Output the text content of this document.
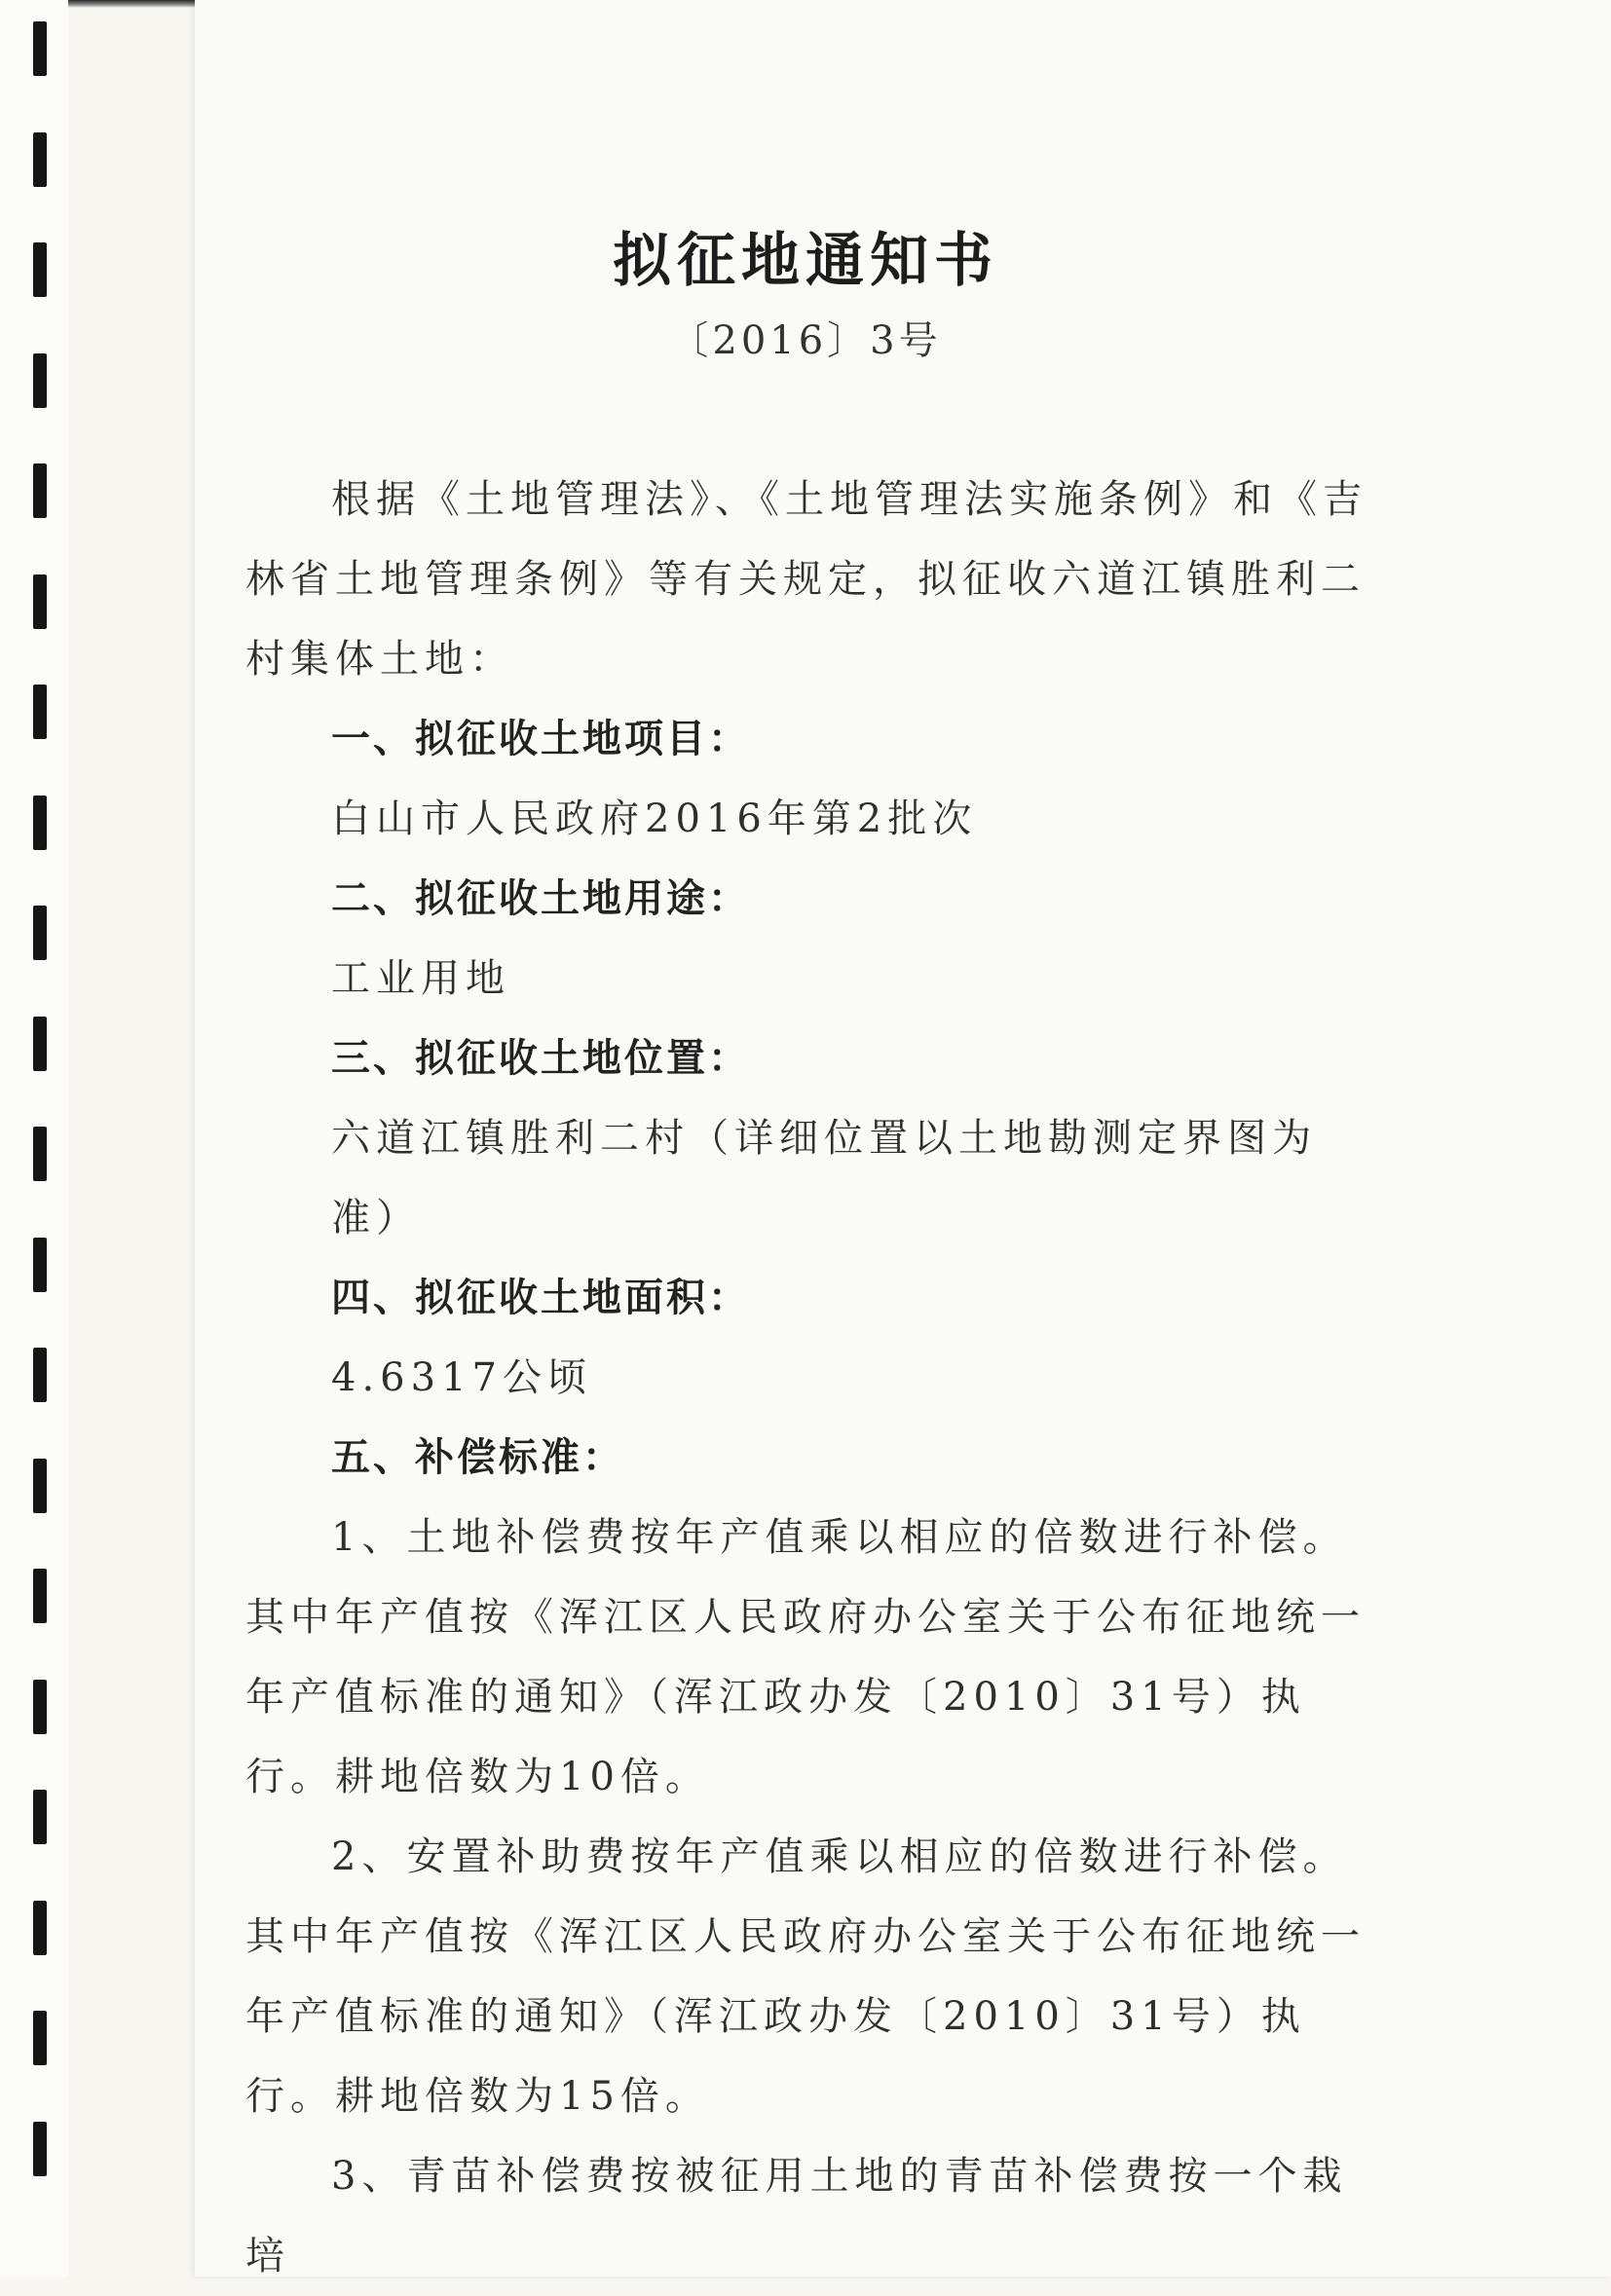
拟征地通知书
〔2016〕3号

根据《土地管理法》、《土地管理法实施条例》和《吉林省土地管理条例》等有关规定，拟征收六道江镇胜利二村集体土地：

一、拟征收土地项目：

白山市人民政府2016年第2批次

二、拟征收土地用途：

工业用地

三、拟征收土地位置：

六道江镇胜利二村（详细位置以土地勘测定界图为准）

四、拟征收土地面积：

4.6317公顷

五、补偿标准：

1、土地补偿费按年产值乘以相应的倍数进行补偿。其中年产值按《浑江区人民政府办公室关于公布征地统一年产值标准的通知》（浑江政办发〔2010〕31号）执行。耕地倍数为10倍。

2、安置补助费按年产值乘以相应的倍数进行补偿。其中年产值按《浑江区人民政府办公室关于公布征地统一年产值标准的通知》（浑江政办发〔2010〕31号）执行。耕地倍数为15倍。

3、青苗补偿费按被征用土地的青苗补偿费按一个栽培
